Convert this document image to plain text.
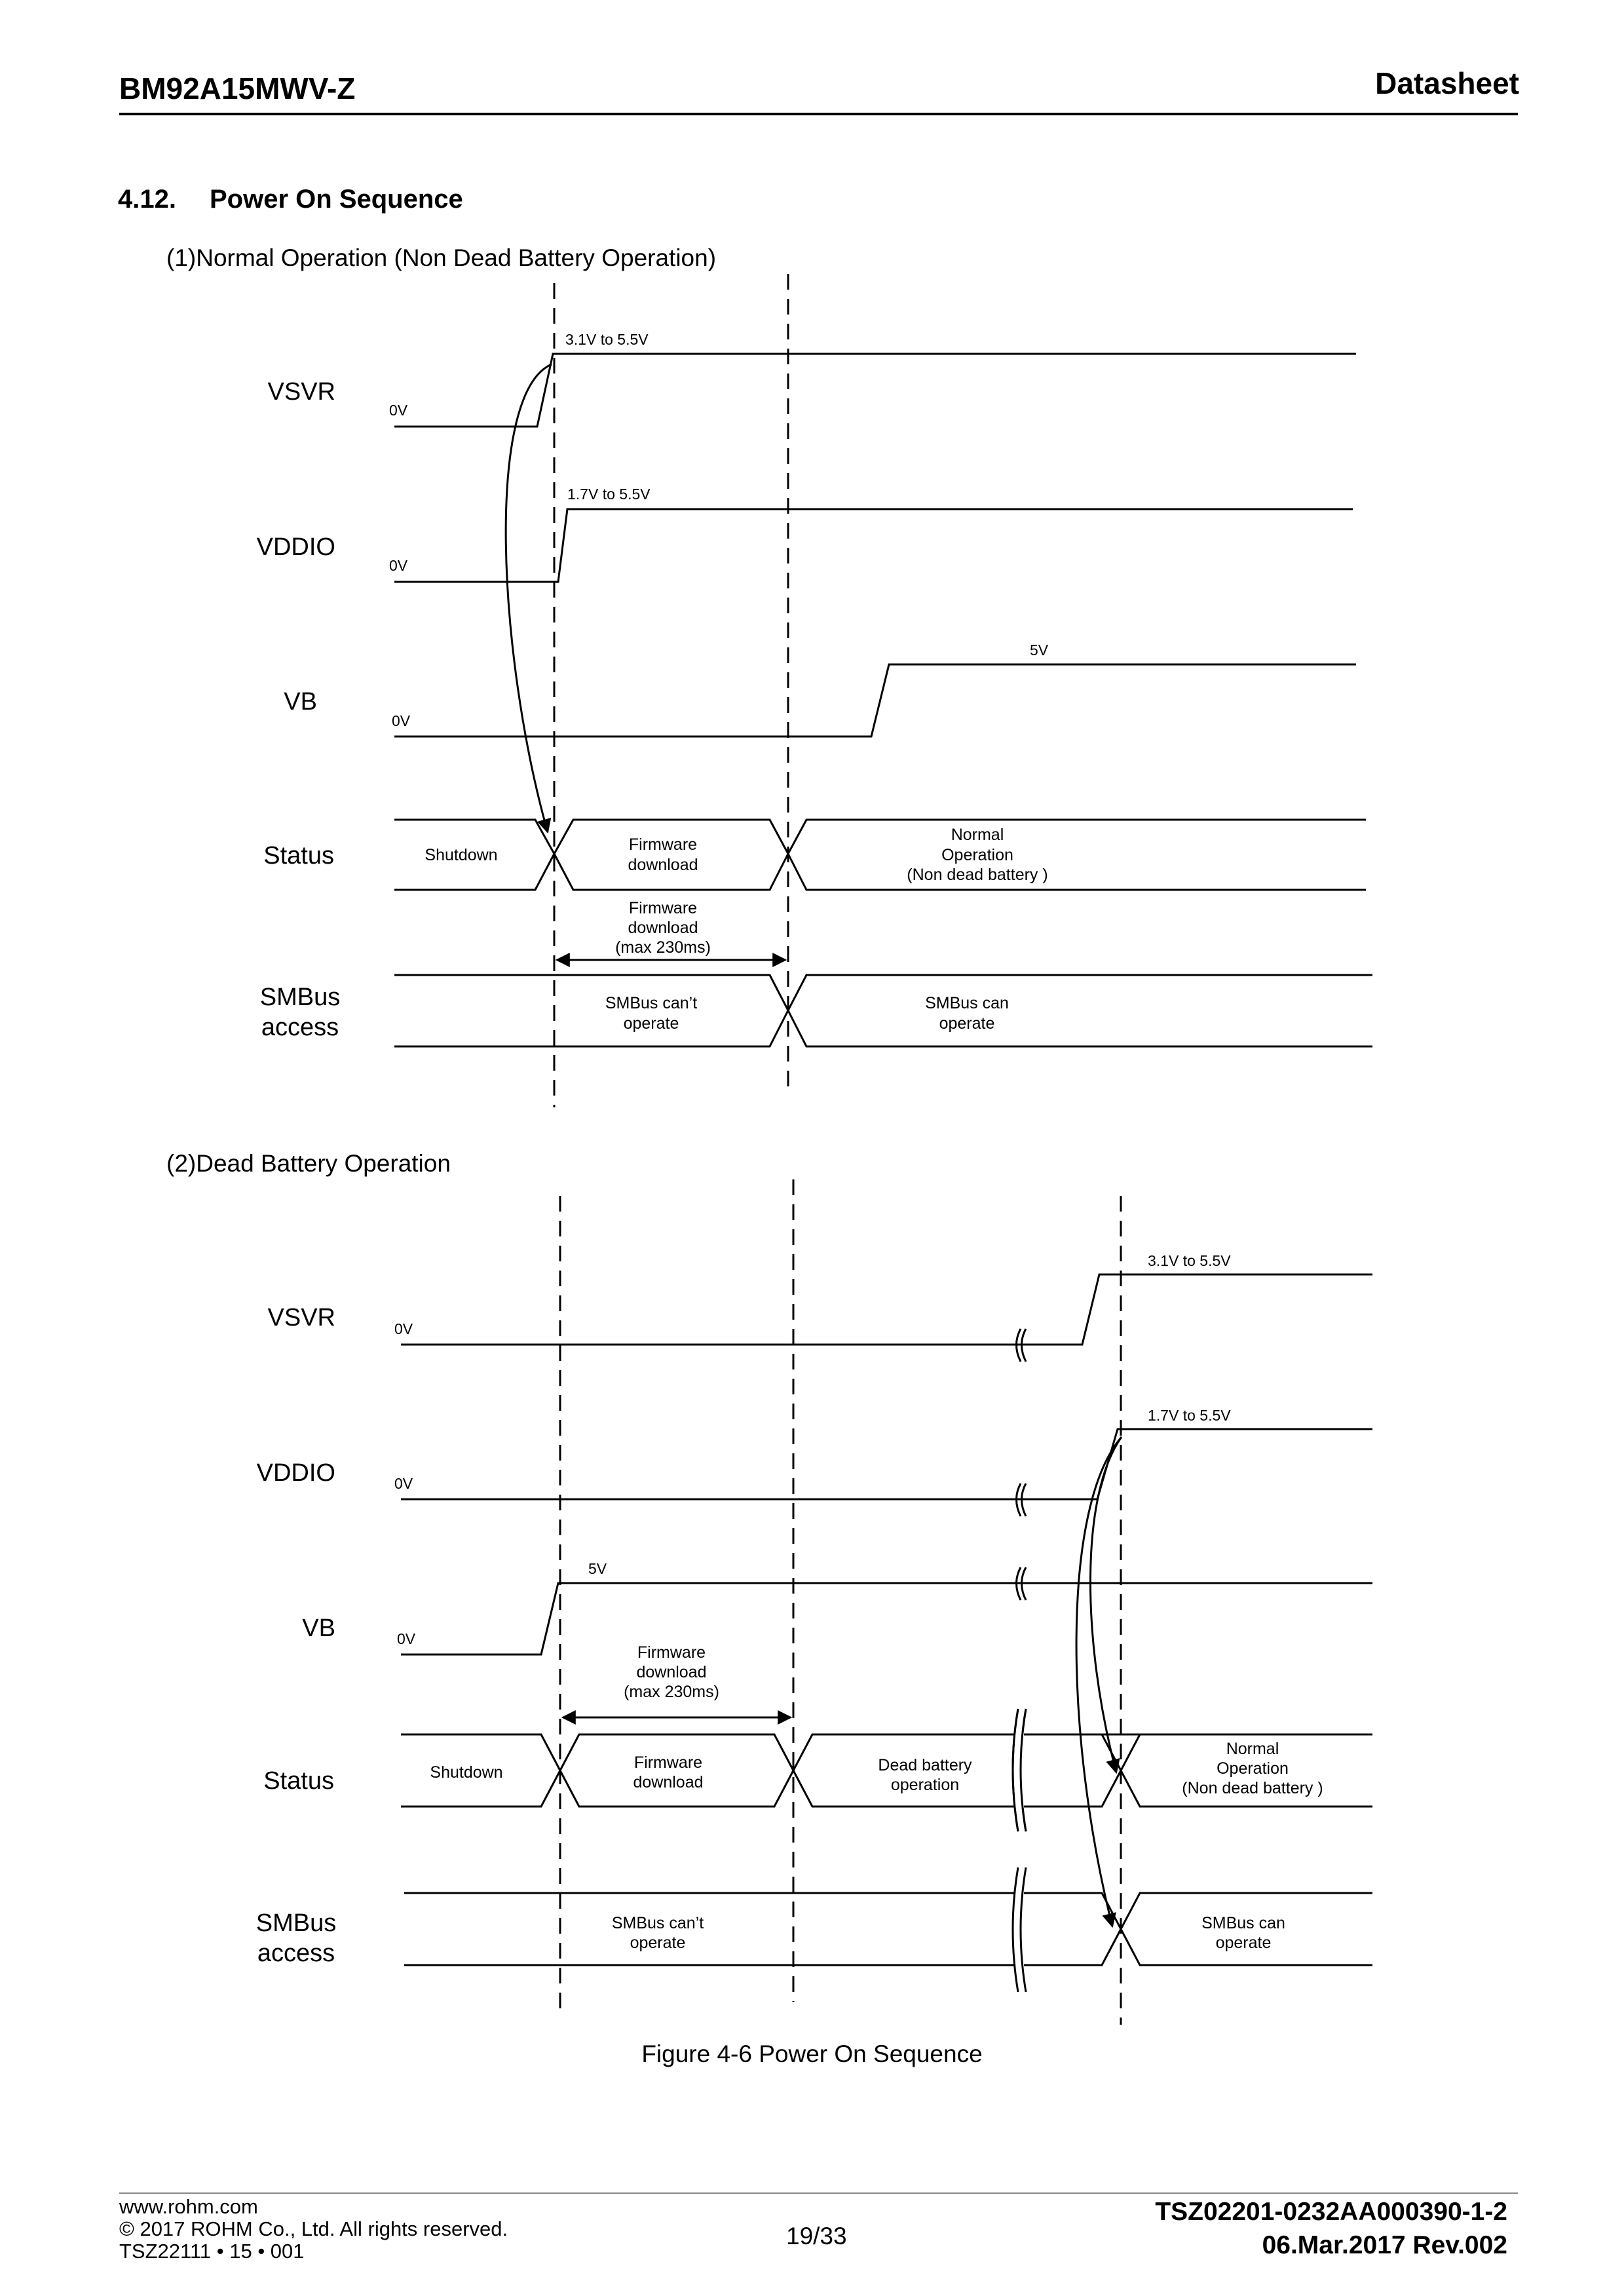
BM92A15MWV-Z	Datasheet
4.12. Power On Sequence
(1)Normal Operation (Non Dead Battery Operation)
(2)Dead Battery Operation
VSVR
VDDIO
VB
Status
SMBus
access
0V
3.1V to 5.5V
0V
1.7V to 5.5V
0V
5V
Shutdown
Firmware
download
Normal
Operation
(Non dead battery )
Firmware
download
(max 230ms)
SMBus can’t
operate
SMBus can
operate
VSVR
VDDIO
VB
Status
SMBus
access
0V
3.1V to 5.5V
0V
1.7V to 5.5V
0V
5V
Firmware
download
(max 230ms)
Shutdown
Firmware
download
Dead battery
operation
Normal
Operation
(Non dead battery )
SMBus can’t
operate
SMBus can
operate
Figure 4-6 Power On Sequence
www.rohm.com
© 2017 ROHM Co., Ltd. All rights reserved.
TSZ22111 • 15 • 001
19/33
TSZ02201-0232AA000390-1-2
06.Mar.2017 Rev.002
